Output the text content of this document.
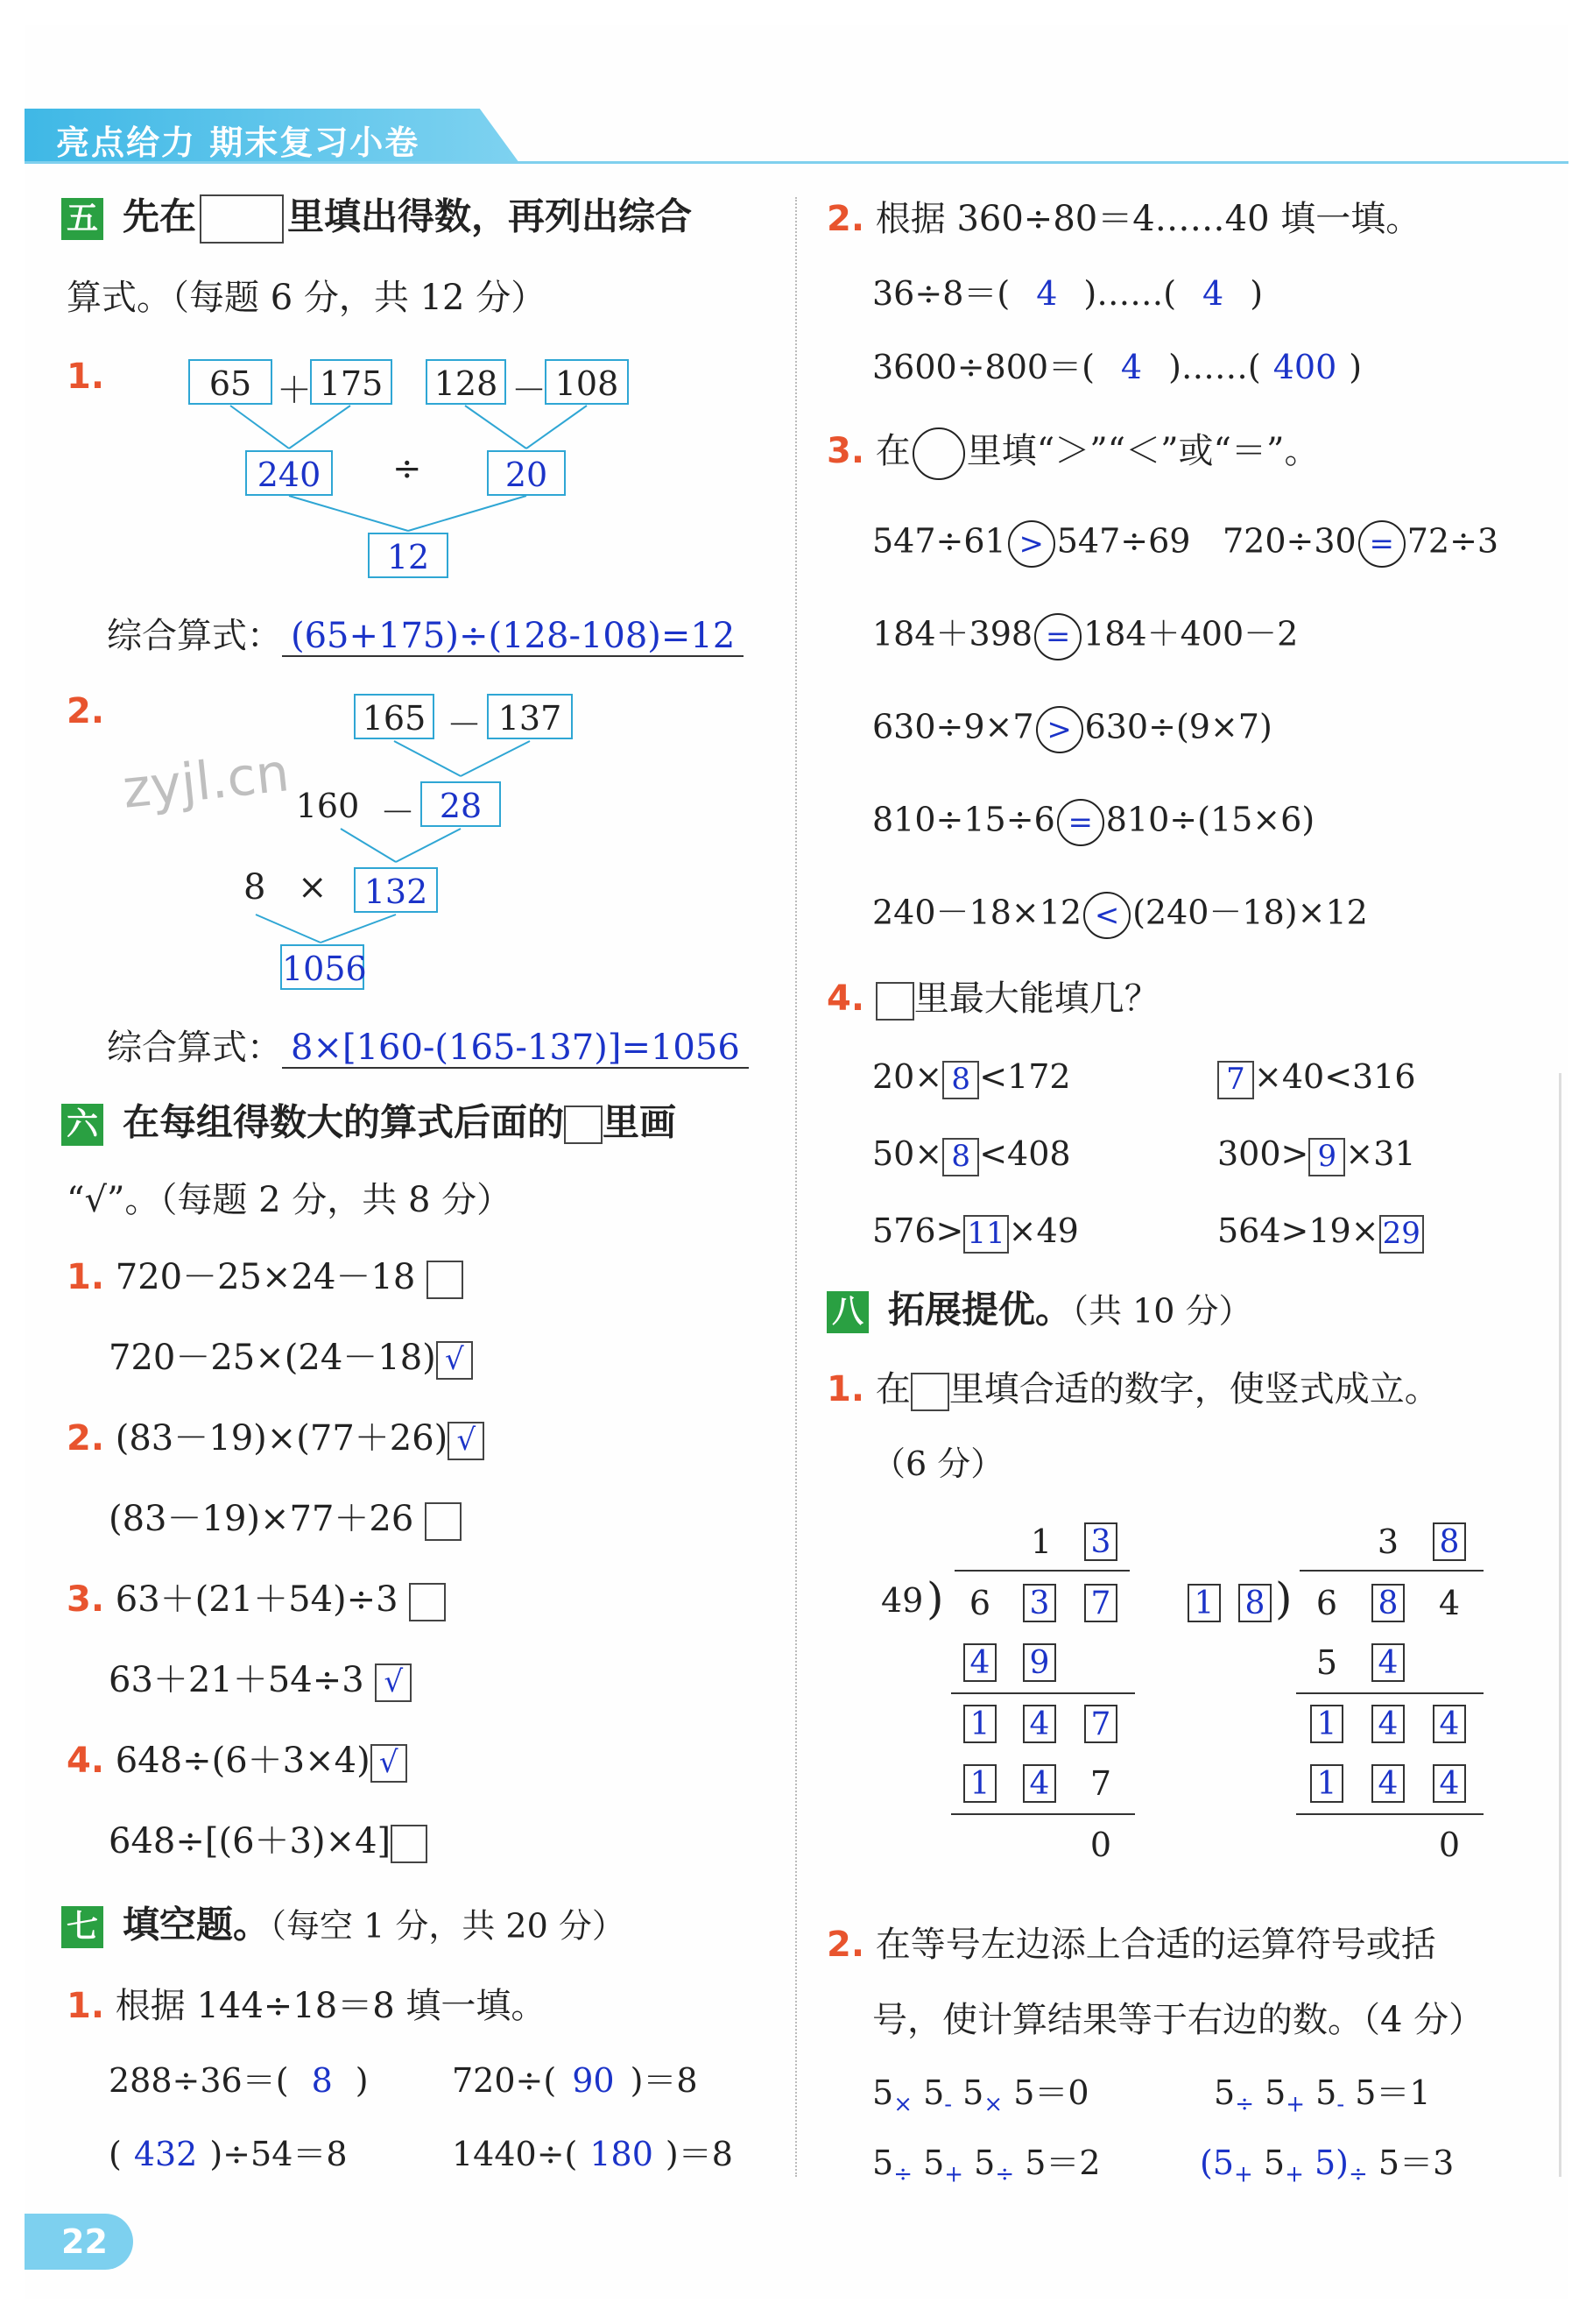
亮点给力 期末复习小卷
五 先在 里填出得数，再列出综合
算式。（每题 6 分，共 12 分）
1.	65 ＋ 175 128 － 108
240	÷	20
12
综合算式： (65+175)÷(128-108)=12
2.	165 － 137
160 － 28
8 ×	132
1056
zyjl.cn
综合算式： 8×[160-(165-137)]=1056
六 在每组得数大的算式后面的 里画
“√”。（每题 2 分，共 8 分）
1. 720－25×24－18
720－25×(24－18) √
2. (83－19)×(77＋26) √
(83－19)×77＋26
3. 63＋(21＋54)÷3
63＋21＋54÷3 √
4. 648÷(6＋3×4) √
648÷[(6＋3)×4]
七 填空题。（每空 1 分，共 20 分）
1. 根据 144÷18＝8 填一填。
288÷36＝( 8 )	720÷( 90 )＝8
( 432 )÷54＝8	1440÷( 180 )＝8
2. 根据 360÷80＝4……40 填一填。
36÷8＝( 4 )……( 4 )
3600÷800＝( 4 )……( 400 )
3. 在 里填“＞”“＜”或“＝”。
547÷61 > 547÷69 720÷30 = 72÷3
184＋398 = 184＋400－2
630÷9×7 > 630÷(9×7)
810÷15÷6 = 810÷(15×6)
240－18×12 < (240－18)×12
4. 里最大能填几？
20× 8 <172	7 ×40<316
50× 8 <408	300> 9 ×31
576> 11 ×49	564>19× 29
八 拓展提优。（共 10 分）
1. 在 里填合适的数字，使竖式成立。
（6 分）
1 3
49 ) 6 3 7
4 9
1 4 7
1 4 7
0
3 8
1 8 ) 6 8 4
5 4
1 4 4
1 4 4
0
2. 在等号左边添上合适的运算符号或括
号，使计算结果等于右边的数。（4 分）
$5_\times$ $5_-$ $5_\times$ 5＝0	$5_\div$ $5_+$ $5_-$ 5＝1
$5_\div$ $5_+$ $5_\div$ 5＝2	($5_+$ $5_+$ $5)_\div$ 5＝3
22
